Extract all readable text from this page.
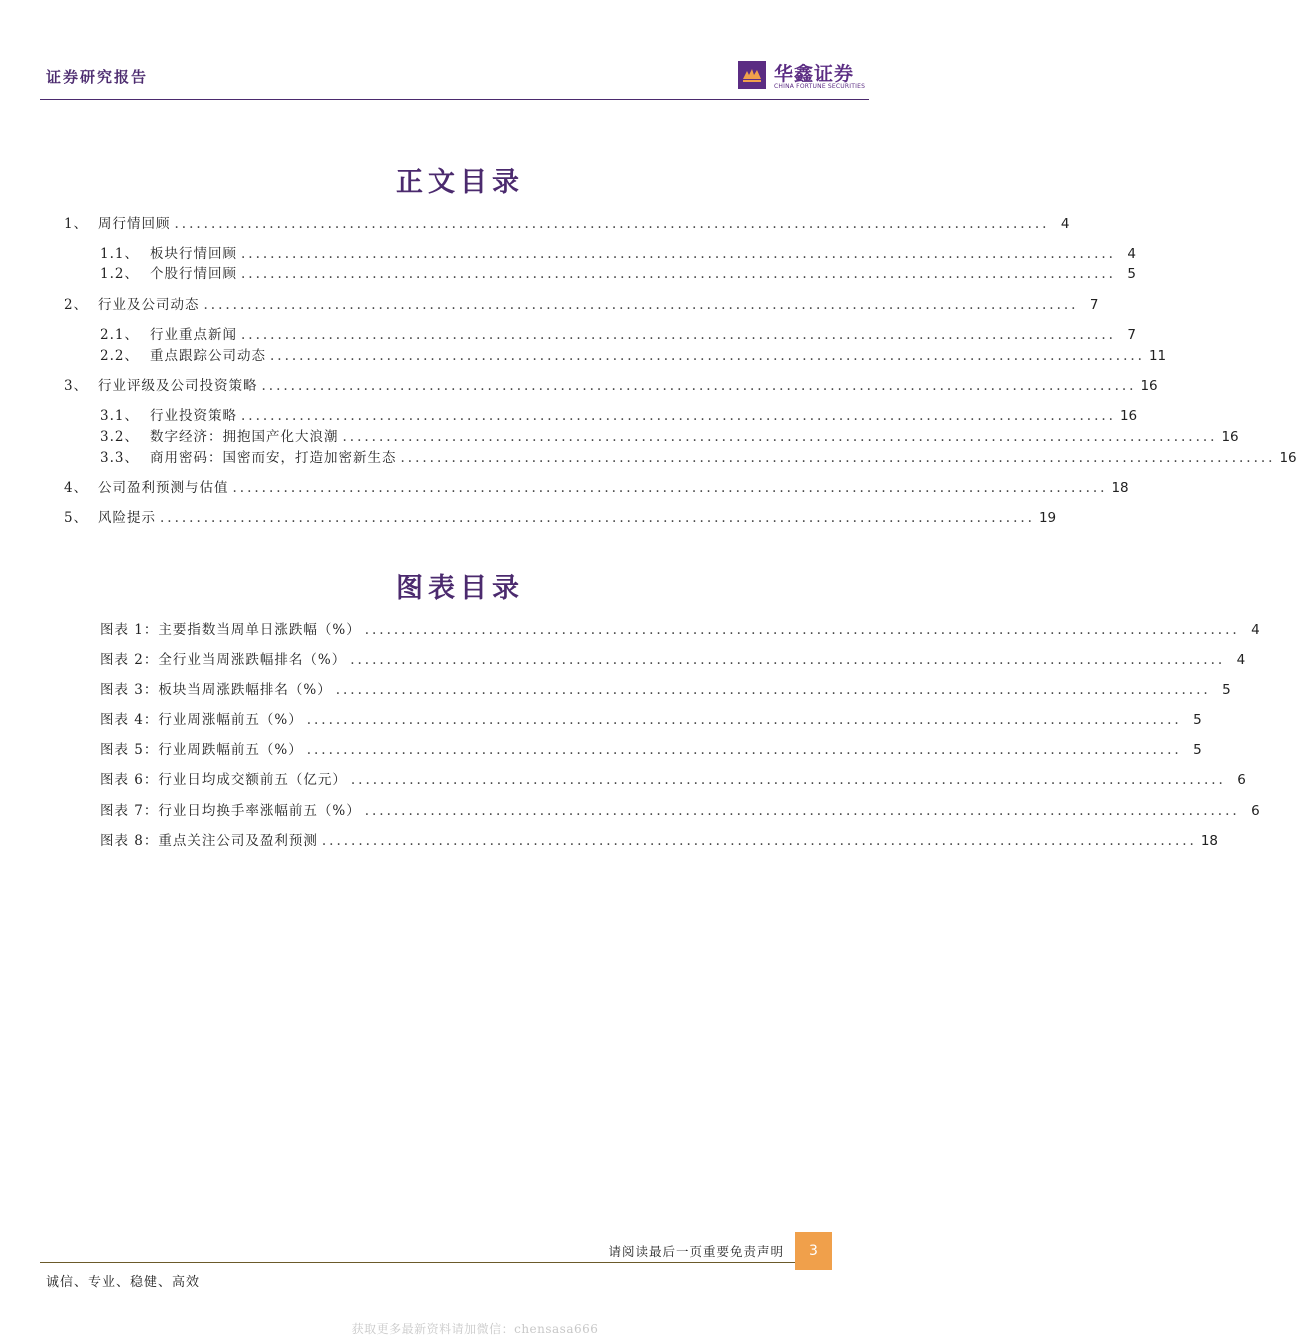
证券研究报告	华鑫证券
CHINA FORTUNE SECURITIES
正文目录
1、 周行情回顾 ........................................................................................................................ 4
1.1、 板块行情回顾 ........................................................................................................................ 4
1.2、 个股行情回顾 ........................................................................................................................ 5
2、 行业及公司动态 ........................................................................................................................ 7
2.1、 行业重点新闻 ........................................................................................................................ 7
2.2、 重点跟踪公司动态 ........................................................................................................................ 11
3、 行业评级及公司投资策略 ........................................................................................................................ 16
3.1、 行业投资策略 ........................................................................................................................ 16
3.2、 数字经济：拥抱国产化大浪潮 ........................................................................................................................ 16
3.3、 商用密码：国密而安，打造加密新生态 ........................................................................................................................ 16
4、 公司盈利预测与估值 ........................................................................................................................ 18
5、 风险提示 ........................................................................................................................ 19
图表目录
图表 1：主要指数当周单日涨跌幅（%） ........................................................................................................................ 4
图表 2：全行业当周涨跌幅排名（%） ........................................................................................................................ 4
图表 3：板块当周涨跌幅排名（%） ........................................................................................................................ 5
图表 4：行业周涨幅前五（%） ........................................................................................................................ 5
图表 5：行业周跌幅前五（%） ........................................................................................................................ 5
图表 6：行业日均成交额前五（亿元） ........................................................................................................................ 6
图表 7：行业日均换手率涨幅前五（%） ........................................................................................................................ 6
图表 8：重点关注公司及盈利预测 ........................................................................................................................ 18
请阅读最后一页重要免责声明	3
诚信、专业、稳健、高效
获取更多最新资料请加微信：chensasa666
